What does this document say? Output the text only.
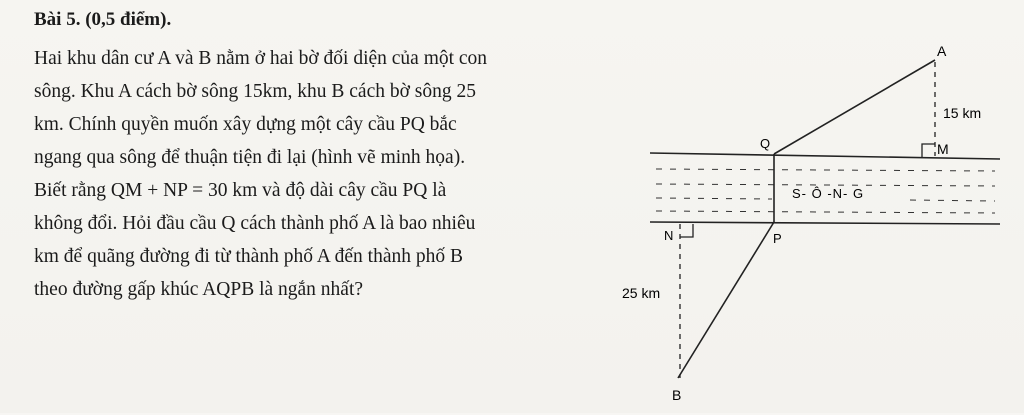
Bài 5. (0,5 điểm).
Hai khu dân cư A và B nằm ở hai bờ đối diện của một con
sông. Khu A cách bờ sông 15km, khu B cách bờ sông 25
km. Chính quyền muốn xây dựng một cây cầu PQ bắc
ngang qua sông để thuận tiện đi lại (hình vẽ minh họa).
Biết rằng QM + NP = 30 km và độ dài cây cầu PQ là
không đổi. Hỏi đầu cầu Q cách thành phố A là bao nhiêu
km để quãng đường đi từ thành phố A đến thành phố B
theo đường gấp khúc AQPB là ngắn nhất?
A
15 km
Q	M
S- Ô -N- G
N	P
25 km
B
